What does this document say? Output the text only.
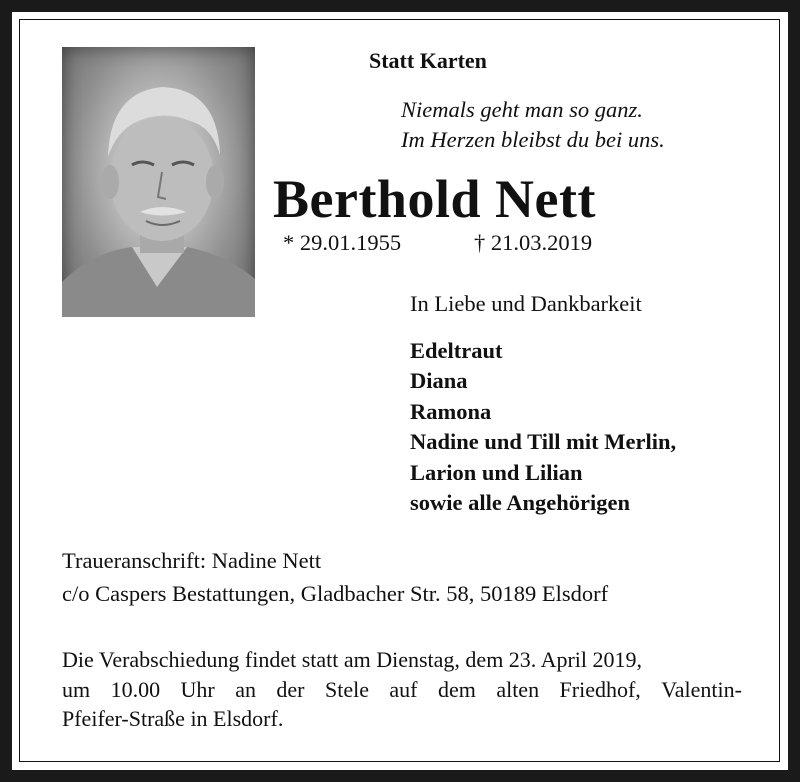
Statt Karten
Niemals geht man so ganz.
Im Herzen bleibst du bei uns.
Berthold Nett
* 29.01.1955	† 21.03.2019
In Liebe und Dankbarkeit
Edeltraut
Diana
Ramona
Nadine und Till mit Merlin,
Larion und Lilian
sowie alle Angehörigen
Traueranschrift: Nadine Nett
c/o Caspers Bestattungen, Gladbacher Str. 58, 50189 Elsdorf
Die Verabschiedung findet statt am Dienstag, dem 23. April 2019,
um 10.00 Uhr an der Stele auf dem alten Friedhof, Valentin-
Pfeifer-Straße in Elsdorf.
